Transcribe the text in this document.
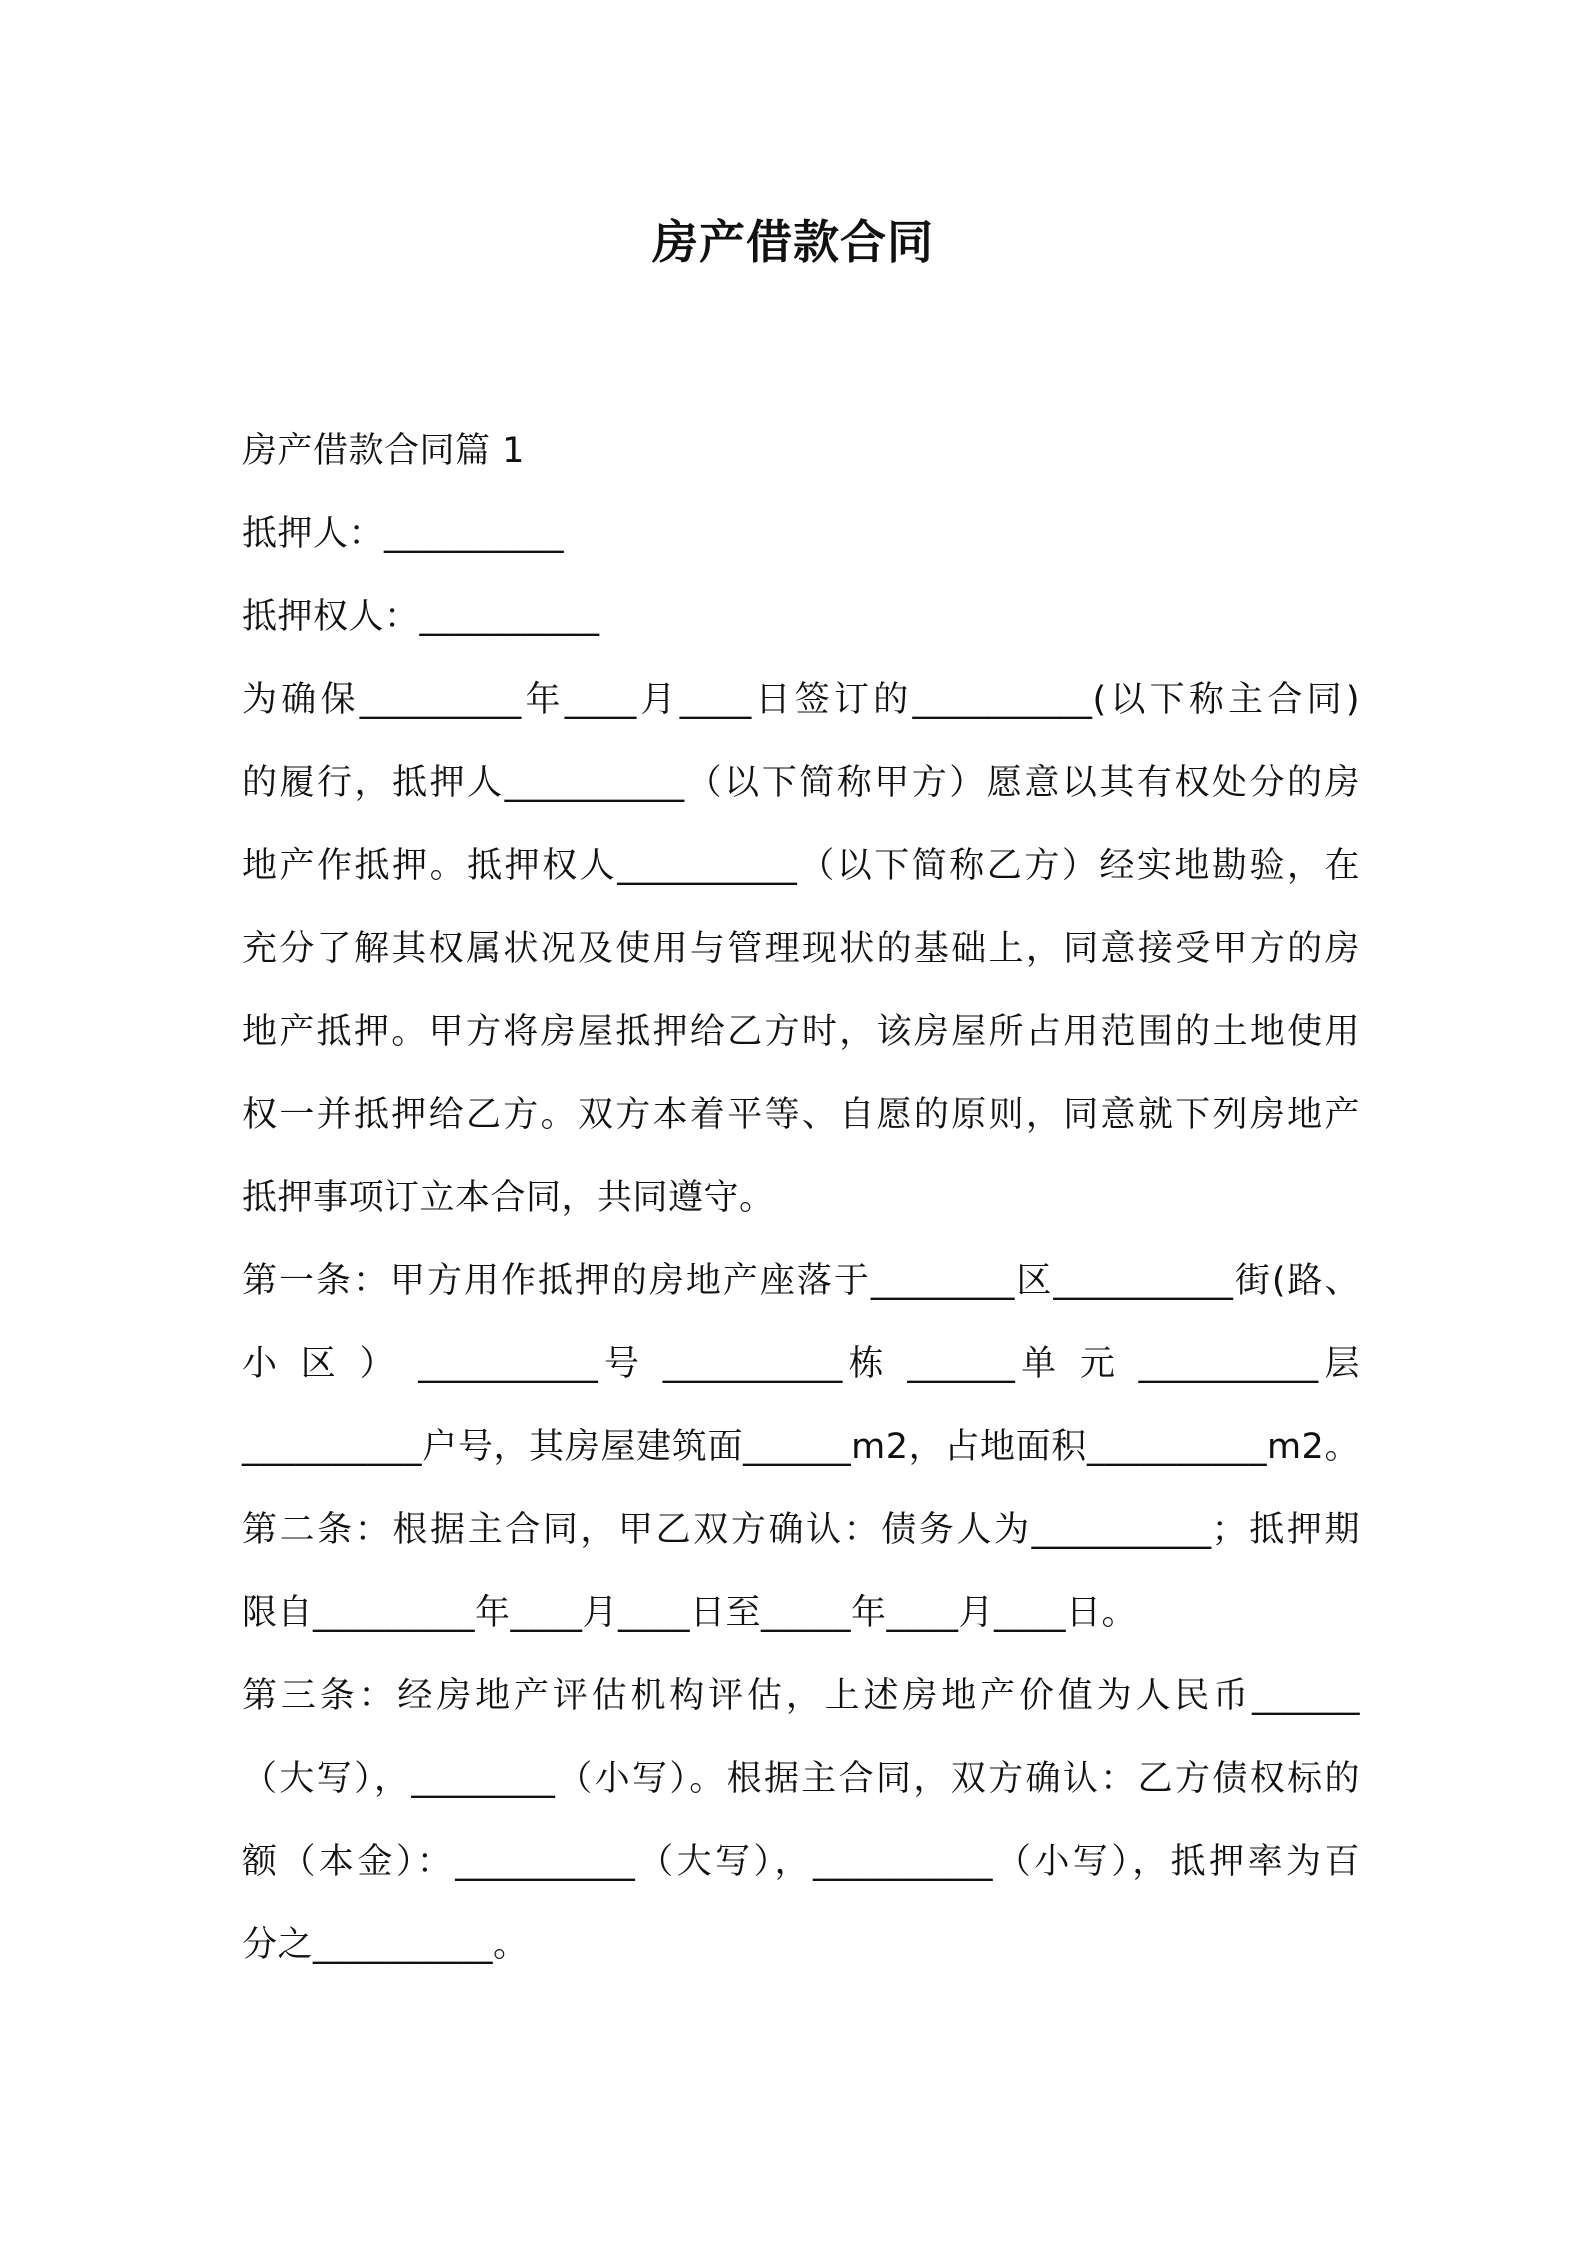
房产借款合同
房产借款合同篇 1
抵押人：__________
抵押权人：__________
为确保_________年____月____日签订的__________(以下称主合同)
的履行，抵押人__________（以下简称甲方）愿意以其有权处分的房
地产作抵押。抵押权人__________（以下简称乙方）经实地勘验，在
充分了解其权属状况及使用与管理现状的基础上，同意接受甲方的房
地产抵押。甲方将房屋抵押给乙方时，该房屋所占用范围的土地使用
权一并抵押给乙方。双方本着平等、自愿的原则，同意就下列房地产
抵押事项订立本合同，共同遵守。
第一条：甲方用作抵押的房地产座落于________区__________街(路、
小 区 ） __________号 __________栋 ______单 元 __________层
__________户号，其房屋建筑面______m2，占地面积__________m2。
第二条：根据主合同，甲乙双方确认：债务人为__________；抵押期
限自_________年____月____日至_____年____月____日。
第三条：经房地产评估机构评估，上述房地产价值为人民币______
（大写），________（小写）。根据主合同，双方确认：乙方债权标的
额（本金）：__________（大写），__________（小写），抵押率为百
分之__________。
